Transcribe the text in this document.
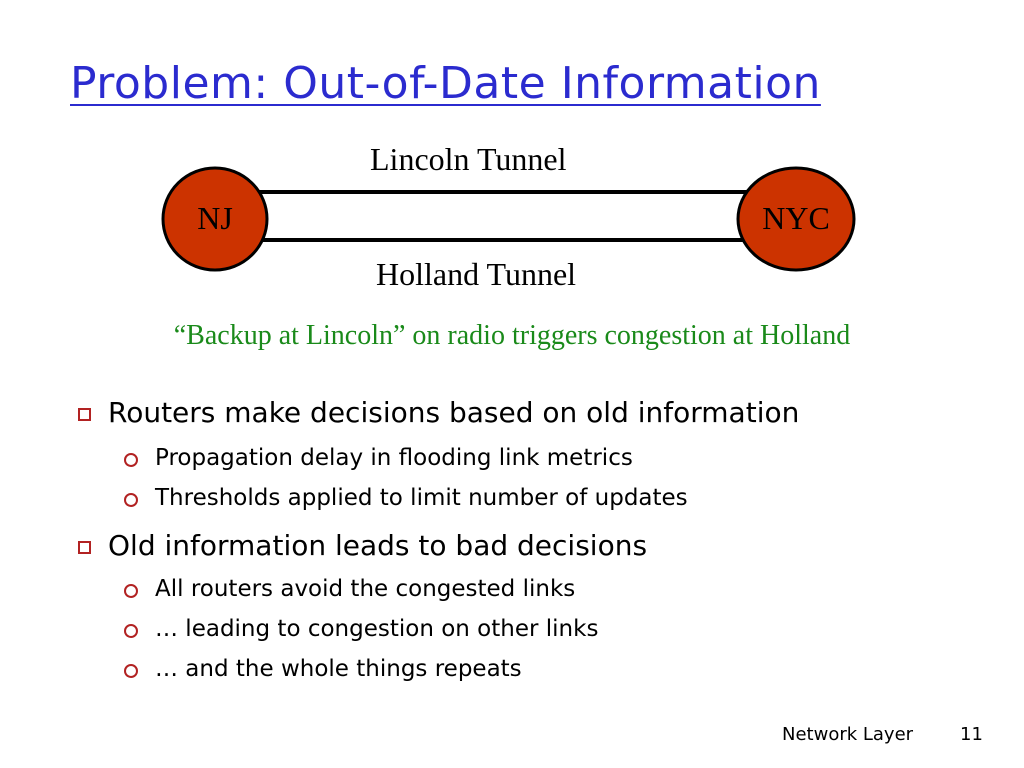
Problem: Out-of-Date Information
Lincoln Tunnel
Holland Tunnel
NJ	NYC
“Backup at Lincoln” on radio triggers congestion at Holland
Routers make decisions based on old information
Propagation delay in flooding link metrics
Thresholds applied to limit number of updates
Old information leads to bad decisions
All routers avoid the congested links
… leading to congestion on other links
… and the whole things repeats
Network Layer	11
